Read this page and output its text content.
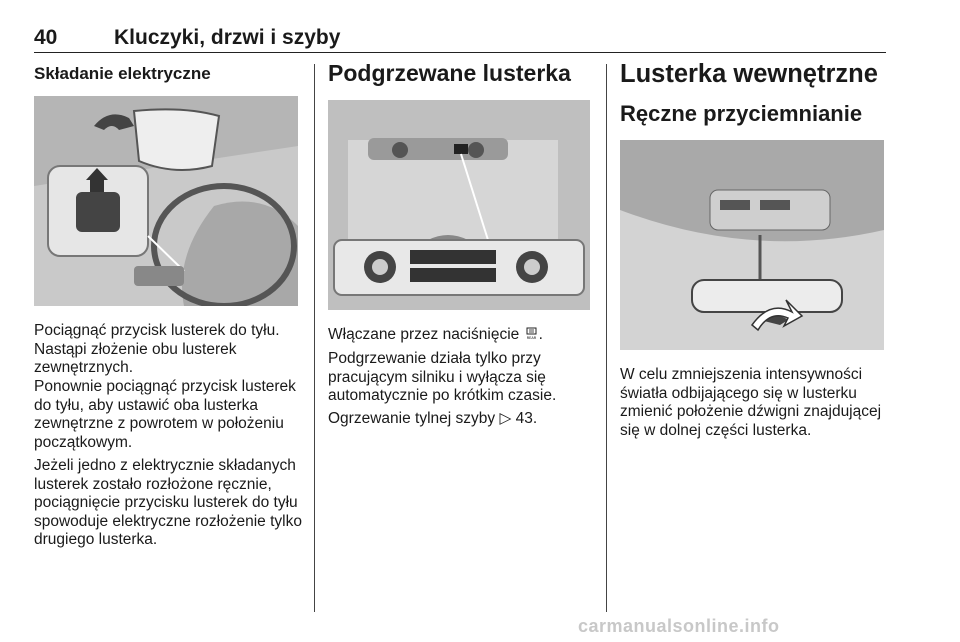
40	Kluczyki, drzwi i szyby
Składanie elektryczne

Pociągnąć przycisk lusterek do tyłu. Nastąpi złożenie obu lusterek zewnętrznych.

Ponownie pociągnąć przycisk lusterek do tyłu, aby ustawić oba lusterka zewnętrzne z powrotem w położeniu początkowym.

Jeżeli jedno z elektrycznie składanych lusterek zostało rozłożone ręcznie, pociągnięcie przycisku lusterek do tyłu spowoduje elektryczne rozłożenie tylko drugiego lusterka.

Podgrzewane lusterka

Włączane przez naciśnięcie REAR .

Podgrzewanie działa tylko przy pracującym silniku i wyłącza się automatycznie po krótkim czasie.

Ogrzewanie tylnej szyby ▷ 43.

Lusterka wewnętrzne
Ręczne przyciemnianie

W celu zmniejszenia intensywności światła odbijającego się w lusterku zmienić położenie dźwigni znajdującej się w dolnej części lusterka.

carmanualsonline.info
